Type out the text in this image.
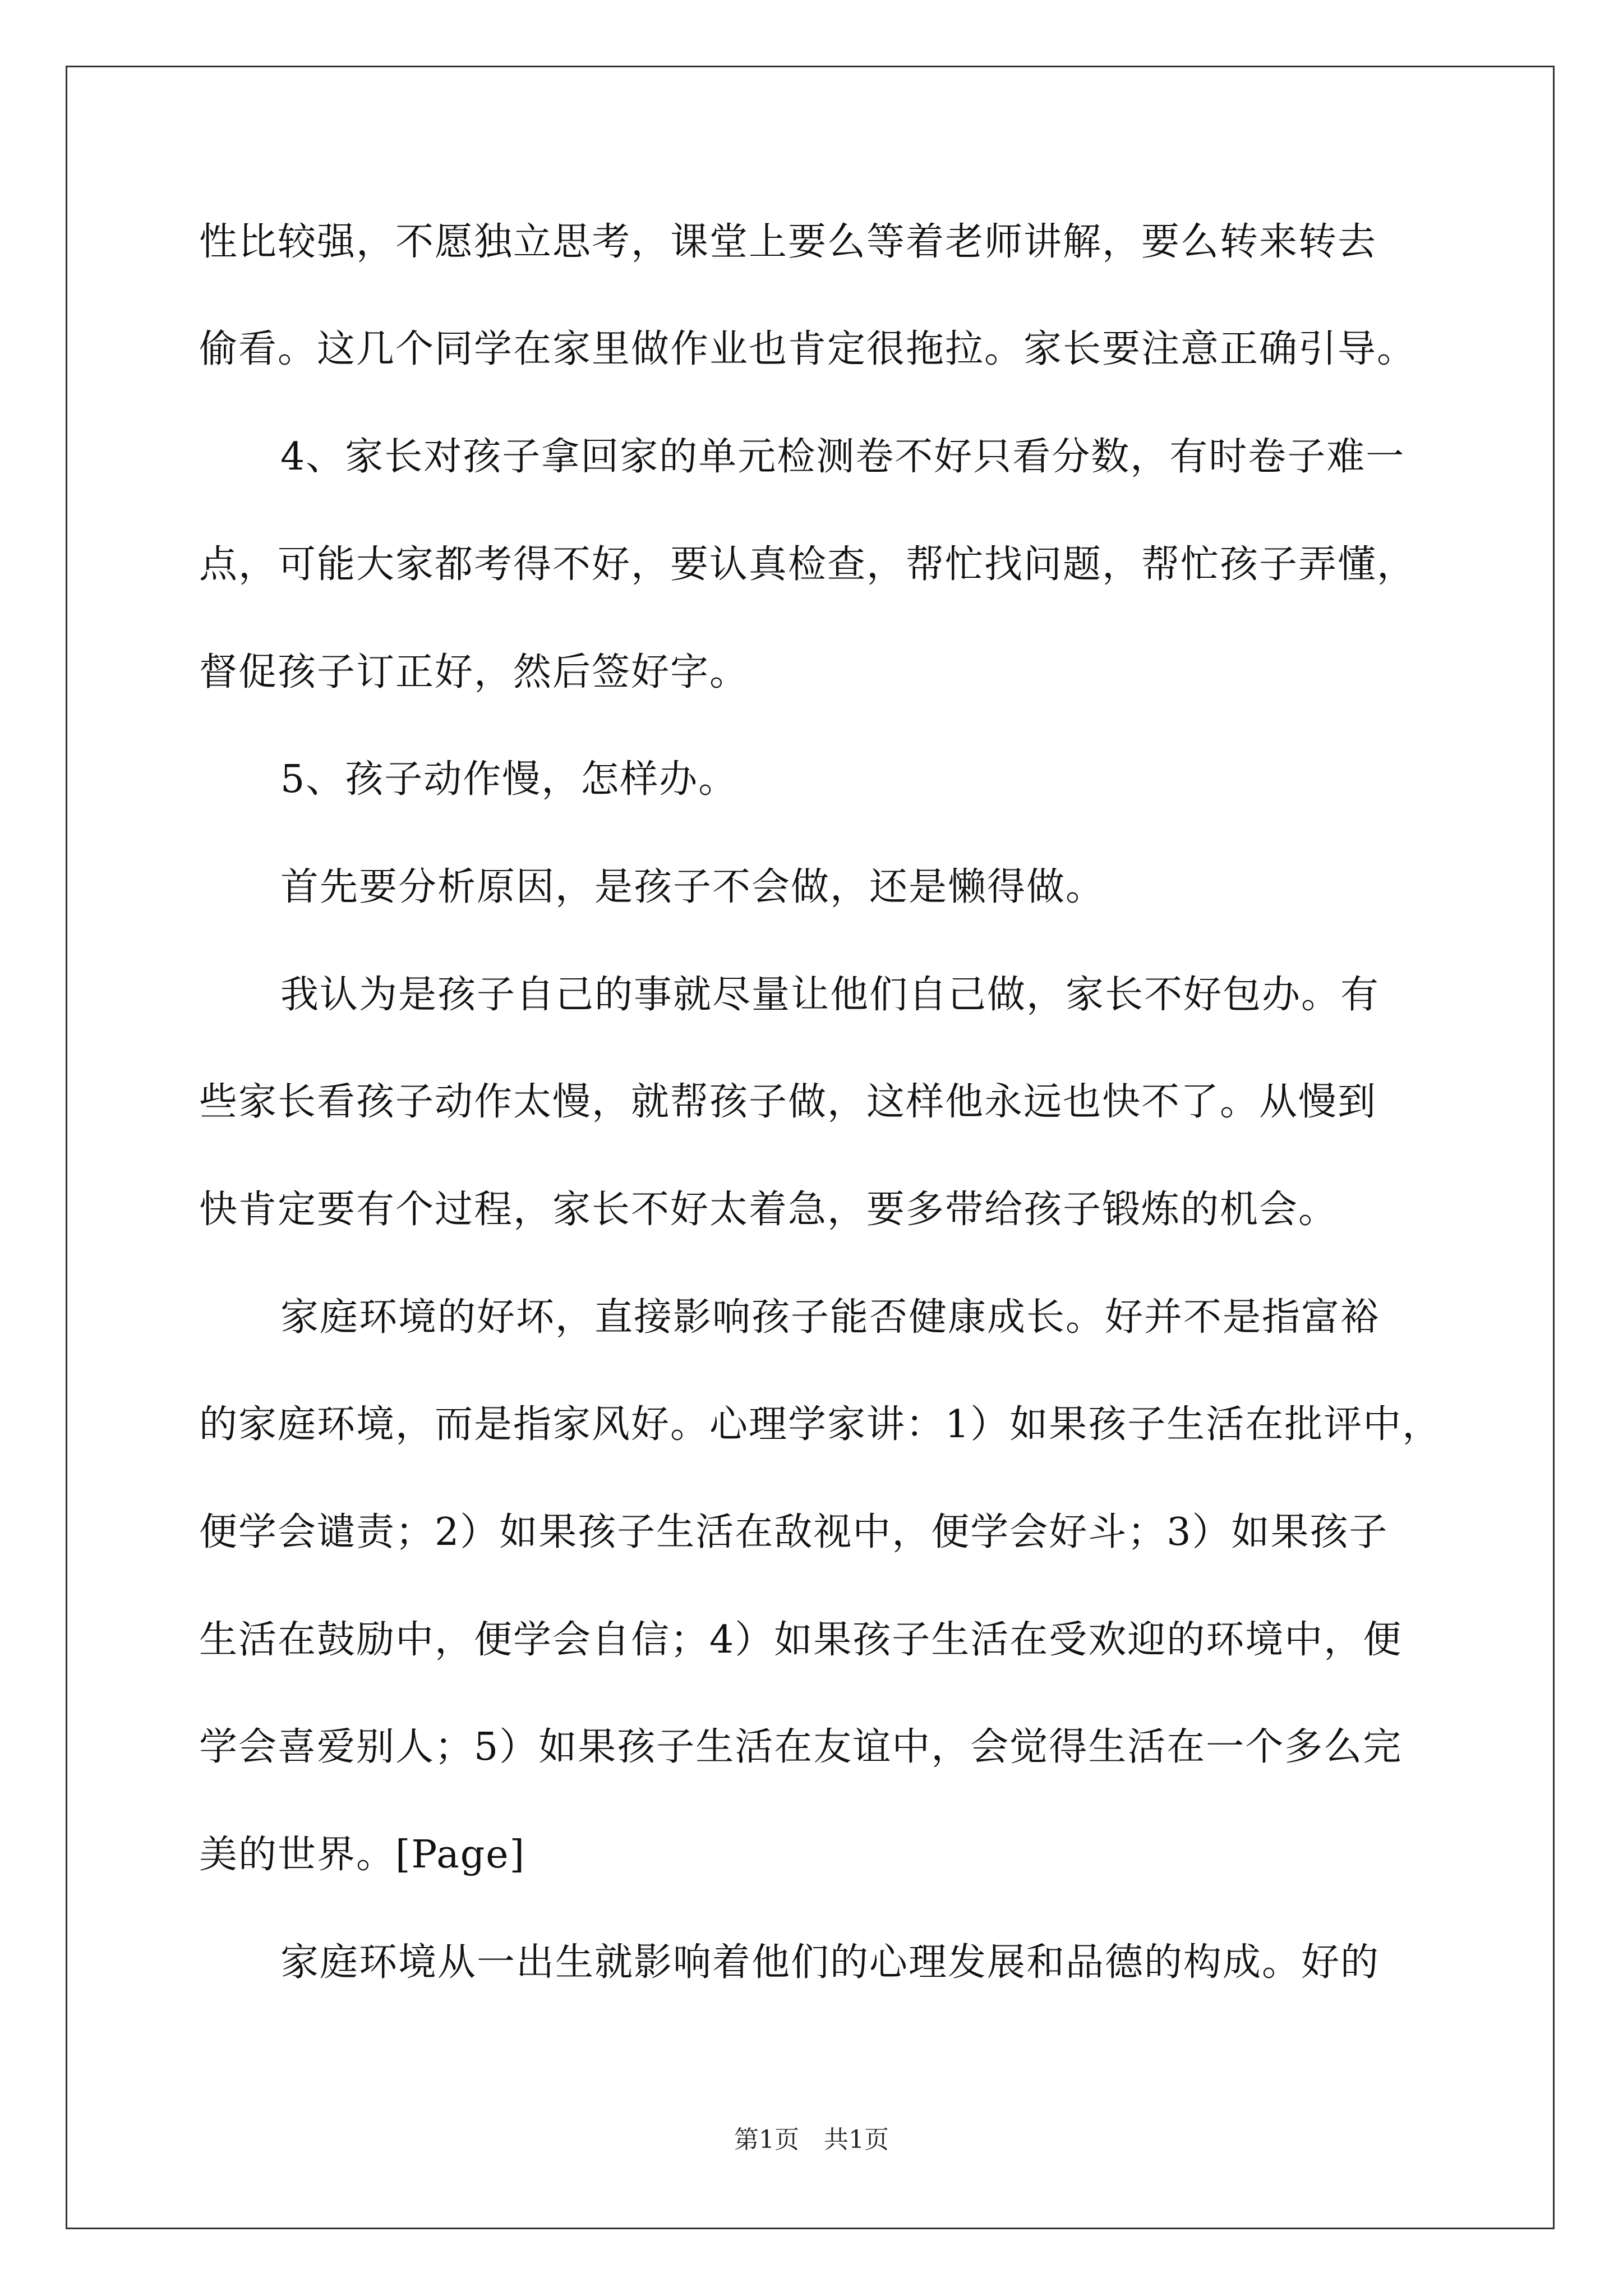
性比较强，不愿独立思考，课堂上要么等着老师讲解，要么转来转去
偷看。这几个同学在家里做作业也肯定很拖拉。家长要注意正确引导。
4、家长对孩子拿回家的单元检测卷不好只看分数，有时卷子难一
点，可能大家都考得不好，要认真检查，帮忙找问题，帮忙孩子弄懂，
督促孩子订正好，然后签好字。
5、孩子动作慢，怎样办。
首先要分析原因，是孩子不会做，还是懒得做。
我认为是孩子自己的事就尽量让他们自己做，家长不好包办。有
些家长看孩子动作太慢，就帮孩子做，这样他永远也快不了。从慢到
快肯定要有个过程，家长不好太着急，要多带给孩子锻炼的机会。
家庭环境的好坏，直接影响孩子能否健康成长。好并不是指富裕
的家庭环境，而是指家风好。心理学家讲：1）如果孩子生活在批评中，
便学会谴责；2）如果孩子生活在敌视中，便学会好斗；3）如果孩子
生活在鼓励中，便学会自信；4）如果孩子生活在受欢迎的环境中，便
学会喜爱别人；5）如果孩子生活在友谊中，会觉得生活在一个多么完
美的世界。[Page]
家庭环境从一出生就影响着他们的心理发展和品德的构成。好的
第1页　共1页
